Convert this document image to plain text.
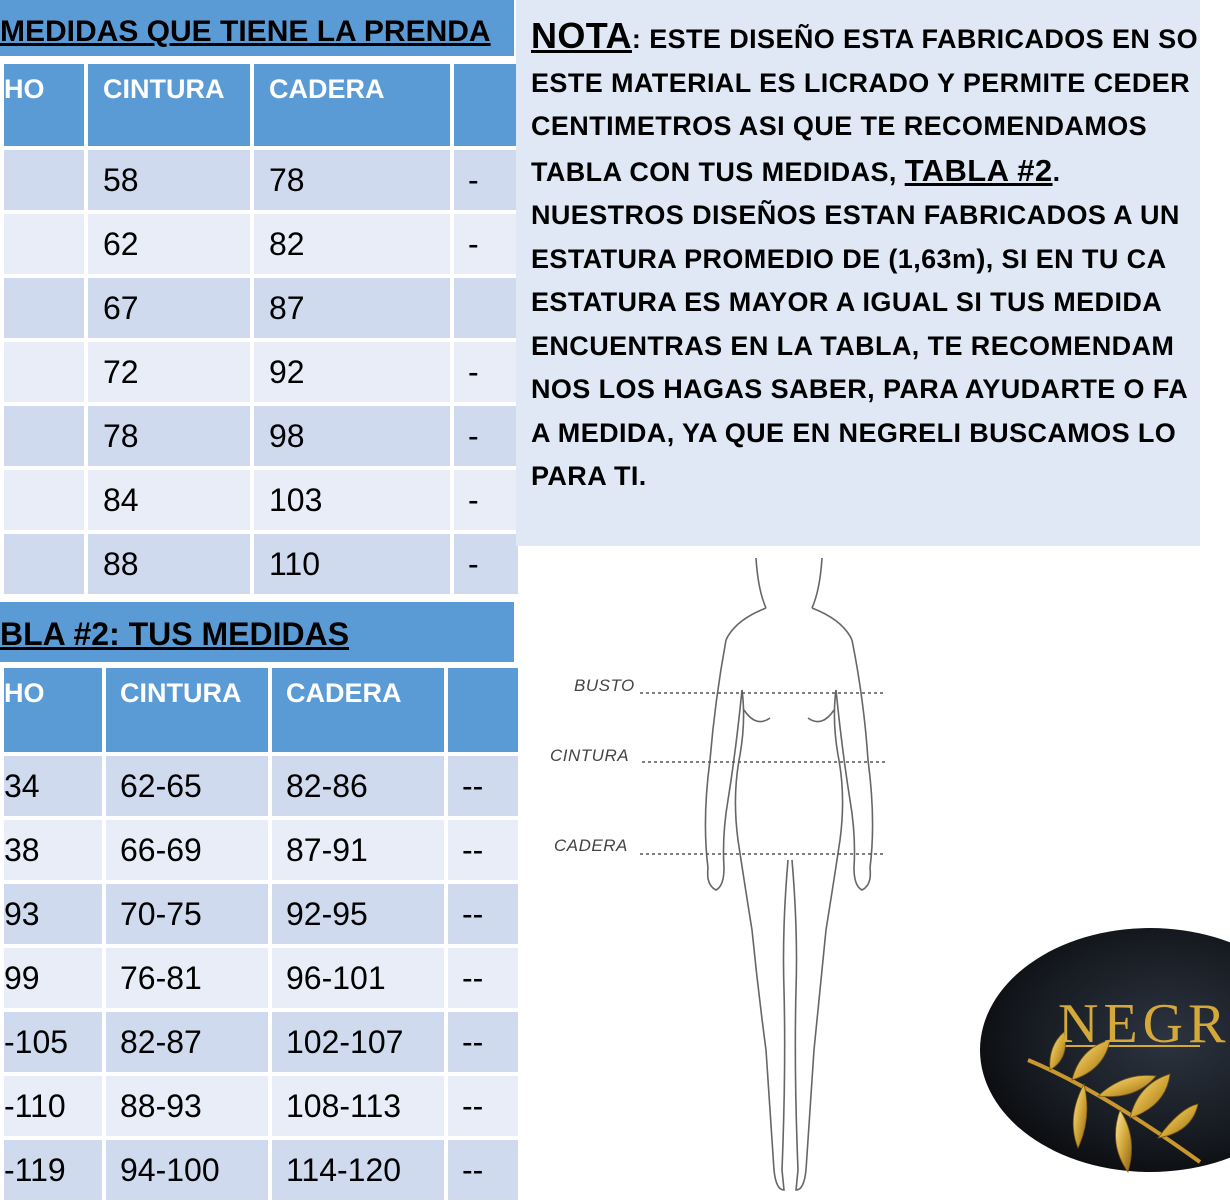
MEDIDAS QUE TIENE LA PRENDA
HO	CINTURA	CADERA	

	58	78	-

	62	82	-

	67	87	

	72	92	-

	78	98	-

	84	103	-

	88	110	-
BLA #2: TUS MEDIDAS
HO	CINTURA	CADERA	

34	62-65	82-86	--

38	66-69	87-91	--

93	70-75	92-95	--

99	76-81	96-101	--

-105	82-87	102-107	--

-110	88-93	108-113	--

-119	94-100	114-120	--
NOTA: ESTE DISEÑO ESTA FABRICADOS EN SO
ESTE MATERIAL ES LICRADO Y PERMITE CEDER
CENTIMETROS ASI QUE TE RECOMENDAMOS
TABLA CON TUS MEDIDAS, TABLA #2.
NUESTROS DISEÑOS ESTAN FABRICADOS A UN
ESTATURA PROMEDIO DE (1,63m), SI EN TU CA
ESTATURA ES MAYOR A IGUAL SI TUS MEDIDA
ENCUENTRAS EN LA TABLA, TE RECOMENDAM
NOS LOS HAGAS SABER, PARA AYUDARTE O FA
A MEDIDA, YA QUE EN NEGRELI BUSCAMOS LO
PARA TI.
BUSTO
CINTURA
CADERA
NEGR
